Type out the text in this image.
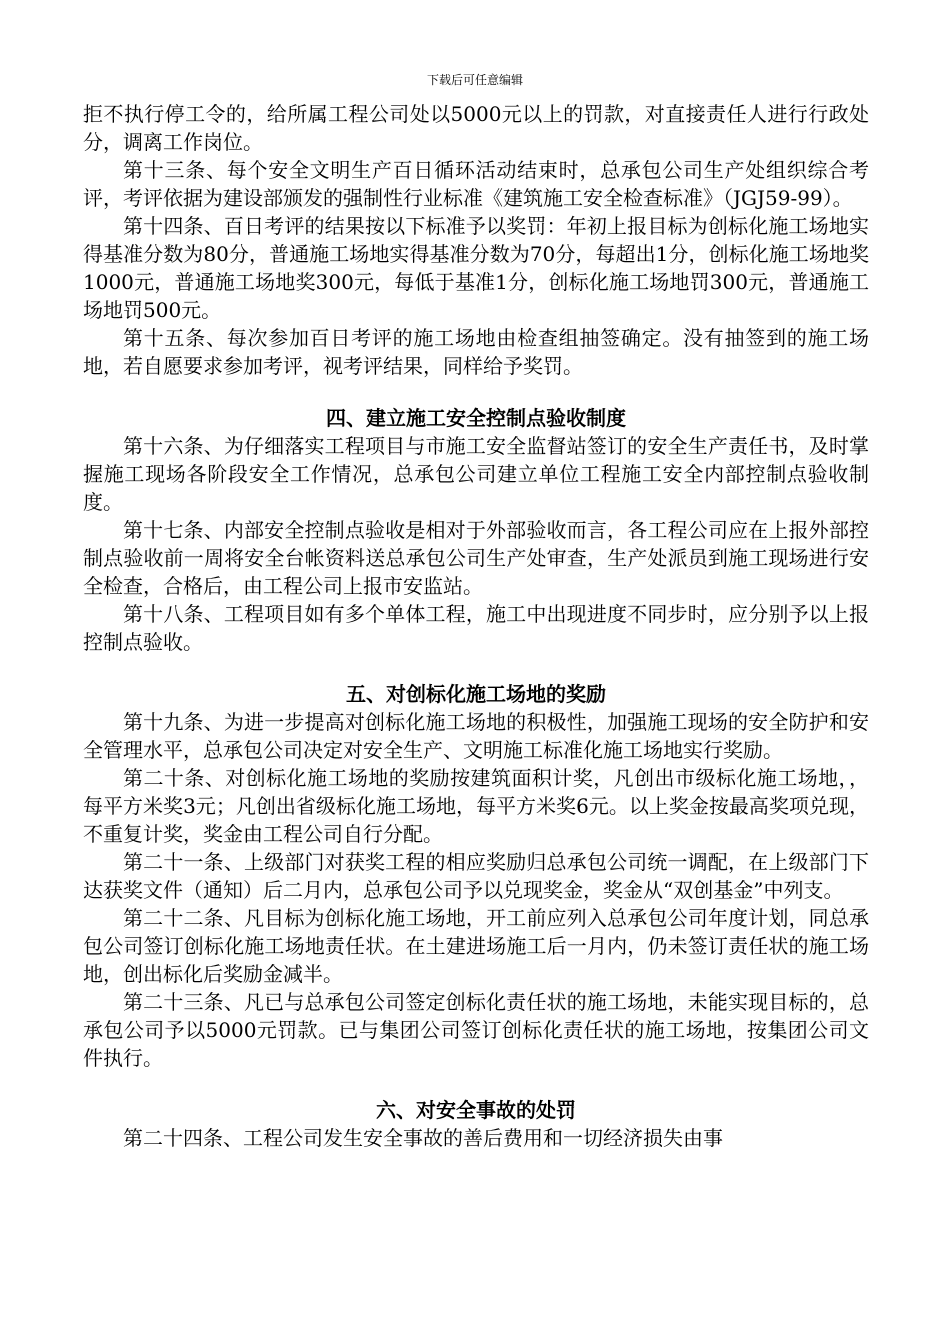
下载后可任意编辑

拒不执行停工令的，给所属工程公司处以5000元以上的罚款，对直接责任人进行行政处分，调离工作岗位。

第十三条、每个安全文明生产百日循环活动结束时，总承包公司生产处组织综合考评，考评依据为建设部颁发的强制性行业标准《建筑施工安全检查标准》（JGJ59-99）。

第十四条、百日考评的结果按以下标准予以奖罚：年初上报目标为创标化施工场地实得基准分数为80分，普通施工场地实得基准分数为70分，每超出1分，创标化施工场地奖1000元，普通施工场地奖300元，每低于基准1分，创标化施工场地罚300元，普通施工场地罚500元。

第十五条、每次参加百日考评的施工场地由检查组抽签确定。没有抽签到的施工场地，若自愿要求参加考评，视考评结果，同样给予奖罚。

四、建立施工安全控制点验收制度

第十六条、为仔细落实工程项目与市施工安全监督站签订的安全生产责任书，及时掌握施工现场各阶段安全工作情况，总承包公司建立单位工程施工安全内部控制点验收制度。

第十七条、内部安全控制点验收是相对于外部验收而言，各工程公司应在上报外部控制点验收前一周将安全台帐资料送总承包公司生产处审查，生产处派员到施工现场进行安全检查，合格后，由工程公司上报市安监站。

第十八条、工程项目如有多个单体工程，施工中出现进度不同步时，应分别予以上报控制点验收。

五、对创标化施工场地的奖励

第十九条、为进一步提高对创标化施工场地的积极性，加强施工现场的安全防护和安全管理水平，总承包公司决定对安全生产、文明施工标准化施工场地实行奖励。

第二十条、对创标化施工场地的奖励按建筑面积计奖，凡创出市级标化施工场地，，每平方米奖3元；凡创出省级标化施工场地，每平方米奖6元。以上奖金按最高奖项兑现，不重复计奖，奖金由工程公司自行分配。

第二十一条、上级部门对获奖工程的相应奖励归总承包公司统一调配，在上级部门下达获奖文件（通知）后二月内，总承包公司予以兑现奖金，奖金从“双创基金”中列支。

第二十二条、凡目标为创标化施工场地，开工前应列入总承包公司年度计划，同总承包公司签订创标化施工场地责任状。在土建进场施工后一月内，仍未签订责任状的施工场地，创出标化后奖励金减半。

第二十三条、凡已与总承包公司签定创标化责任状的施工场地，未能实现目标的，总承包公司予以5000元罚款。已与集团公司签订创标化责任状的施工场地，按集团公司文件执行。

六、对安全事故的处罚

第二十四条、工程公司发生安全事故的善后费用和一切经济损失由事
